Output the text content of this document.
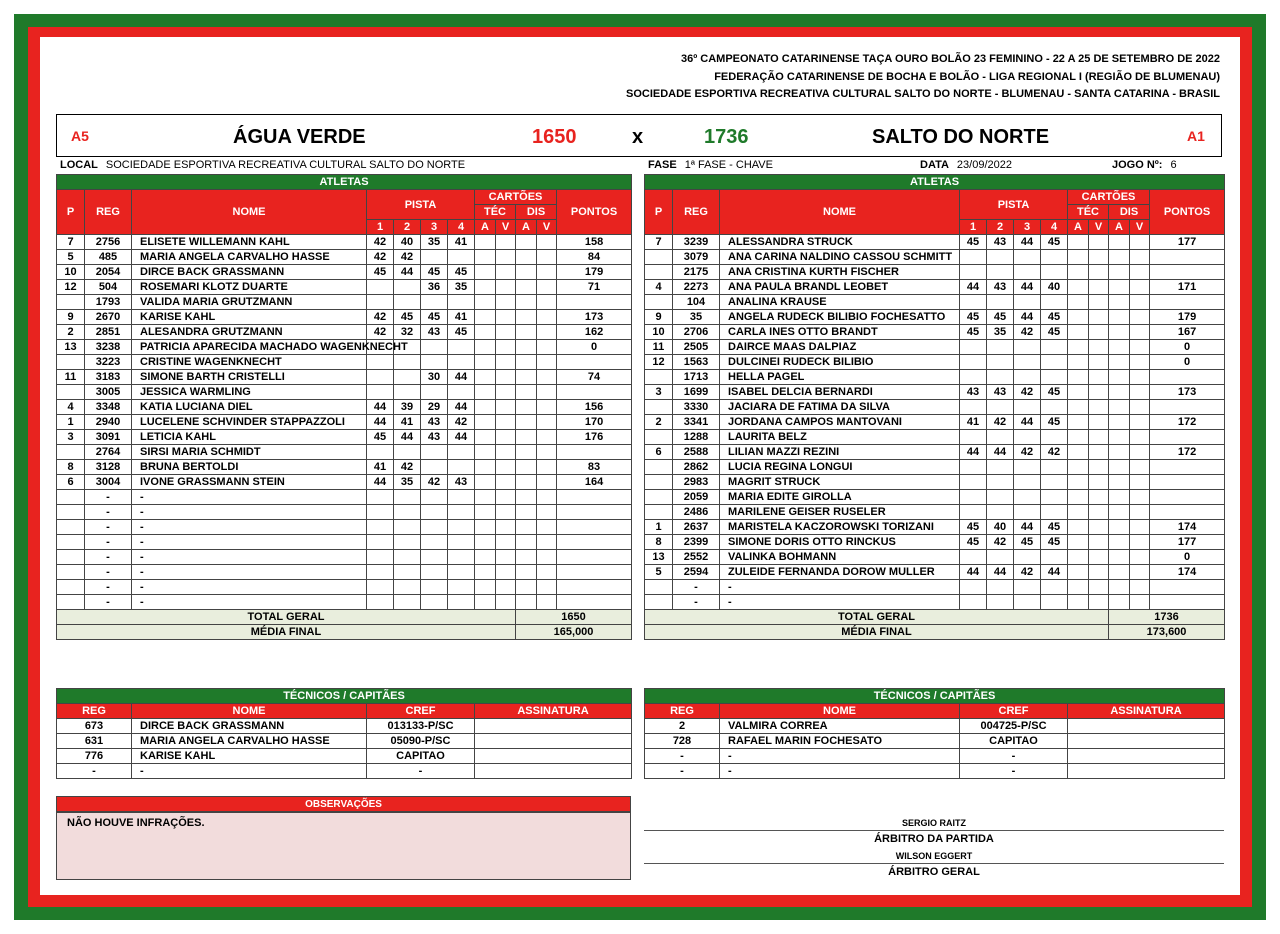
36º CAMPEONATO CATARINENSE TAÇA OURO BOLÃO 23 FEMININO - 22 A 25 DE SETEMBRO DE 2022
FEDERAÇÃO CATARINENSE DE BOCHA E BOLÃO - LIGA REGIONAL I (REGIÃO DE BLUMENAU)
SOCIEDADE ESPORTIVA RECREATIVA CULTURAL SALTO DO NORTE - BLUMENAU - SANTA CATARINA - BRASIL
A5	ÁGUA VERDE	1650	x	1736	SALTO DO NORTE	A1
LOCAL SOCIEDADE ESPORTIVA RECREATIVA CULTURAL SALTO DO NORTE	FASE 1ª FASE - CHAVE	DATA 23/09/2022	JOGO Nº: 6
ATLETAS											
P	REG	NOME	PISTA				CARTÕES				PONTOS
							TÉC		DIS		
			1	2	3	4	A	V	A	V	
7	2756	ELISETE WILLEMANN KAHL	42	40	35	41					158
5	485	MARIA ANGELA CARVALHO HASSE	42	42							84
10	2054	DIRCE BACK GRASSMANN	45	44	45	45					179
12	504	ROSEMARI KLOTZ DUARTE			36	35					71
	1793	VALIDA MARIA GRUTZMANN									
9	2670	KARISE KAHL	42	45	45	41					173
2	2851	ALESANDRA GRUTZMANN	42	32	43	45					162
13	3238	PATRICIA APARECIDA MACHADO WAGENKNECHT									0
	3223	CRISTINE WAGENKNECHT									
11	3183	SIMONE BARTH CRISTELLI			30	44					74
	3005	JESSICA WARMLING									
4	3348	KATIA LUCIANA DIEL	44	39	29	44					156
1	2940	LUCELENE SCHVINDER STAPPAZZOLI	44	41	43	42					170
3	3091	LETICIA KAHL	45	44	43	44					176
	2764	SIRSI MARIA SCHMIDT									
8	3128	BRUNA BERTOLDI	41	42							83
6	3004	IVONE GRASSMANN STEIN	44	35	42	43					164
	-	-									
	-	-									
	-	-									
	-	-									
	-	-									
	-	-									
	-	-									
	-	-									
TOTAL GERAL									1650		
MÉDIA FINAL									165,000		
ATLETAS											
P	REG	NOME	PISTA				CARTÕES				PONTOS
							TÉC		DIS		
			1	2	3	4	A	V	A	V	
7	3239	ALESSANDRA STRUCK	45	43	44	45					177
	3079	ANA CARINA NALDINO CASSOU SCHMITT									
	2175	ANA CRISTINA KURTH FISCHER									
4	2273	ANA PAULA BRANDL LEOBET	44	43	44	40					171
	104	ANALINA KRAUSE									
9	35	ANGELA RUDECK BILIBIO FOCHESATTO	45	45	44	45					179
10	2706	CARLA INES OTTO BRANDT	45	35	42	45					167
11	2505	DAIRCE MAAS DALPIAZ									0
12	1563	DULCINEI RUDECK BILIBIO									0
	1713	HELLA PAGEL									
3	1699	ISABEL DELCIA BERNARDI	43	43	42	45					173
	3330	JACIARA DE FATIMA DA SILVA									
2	3341	JORDANA CAMPOS MANTOVANI	41	42	44	45					172
	1288	LAURITA BELZ									
6	2588	LILIAN MAZZI REZINI	44	44	42	42					172
	2862	LUCIA REGINA LONGUI									
	2983	MAGRIT STRUCK									
	2059	MARIA EDITE GIROLLA									
	2486	MARILENE GEISER RUSELER									
1	2637	MARISTELA KACZOROWSKI TORIZANI	45	40	44	45					174
8	2399	SIMONE DORIS OTTO RINCKUS	45	42	45	45					177
13	2552	VALINKA BOHMANN									0
5	2594	ZULEIDE FERNANDA DOROW MULLER	44	44	42	44					174
	-	-									
	-	-									
TOTAL GERAL									1736		
MÉDIA FINAL									173,600		
TÉCNICOS / CAPITÃES			
REG	NOME	CREF	ASSINATURA
673	DIRCE BACK GRASSMANN	013133-P/SC	
631	MARIA ANGELA CARVALHO HASSE	05090-P/SC	
776	KARISE KAHL	CAPITAO	
-	-	-	
TÉCNICOS / CAPITÃES			
REG	NOME	CREF	ASSINATURA
2	VALMIRA CORREA	004725-P/SC	
728	RAFAEL MARIN FOCHESATO	CAPITAO	
-	-	-	
-	-	-	
OBSERVAÇÕES
NÃO HOUVE INFRAÇÕES.	SERGIO RAITZ
ÁRBITRO DA PARTIDA
WILSON EGGERT
ÁRBITRO GERAL
